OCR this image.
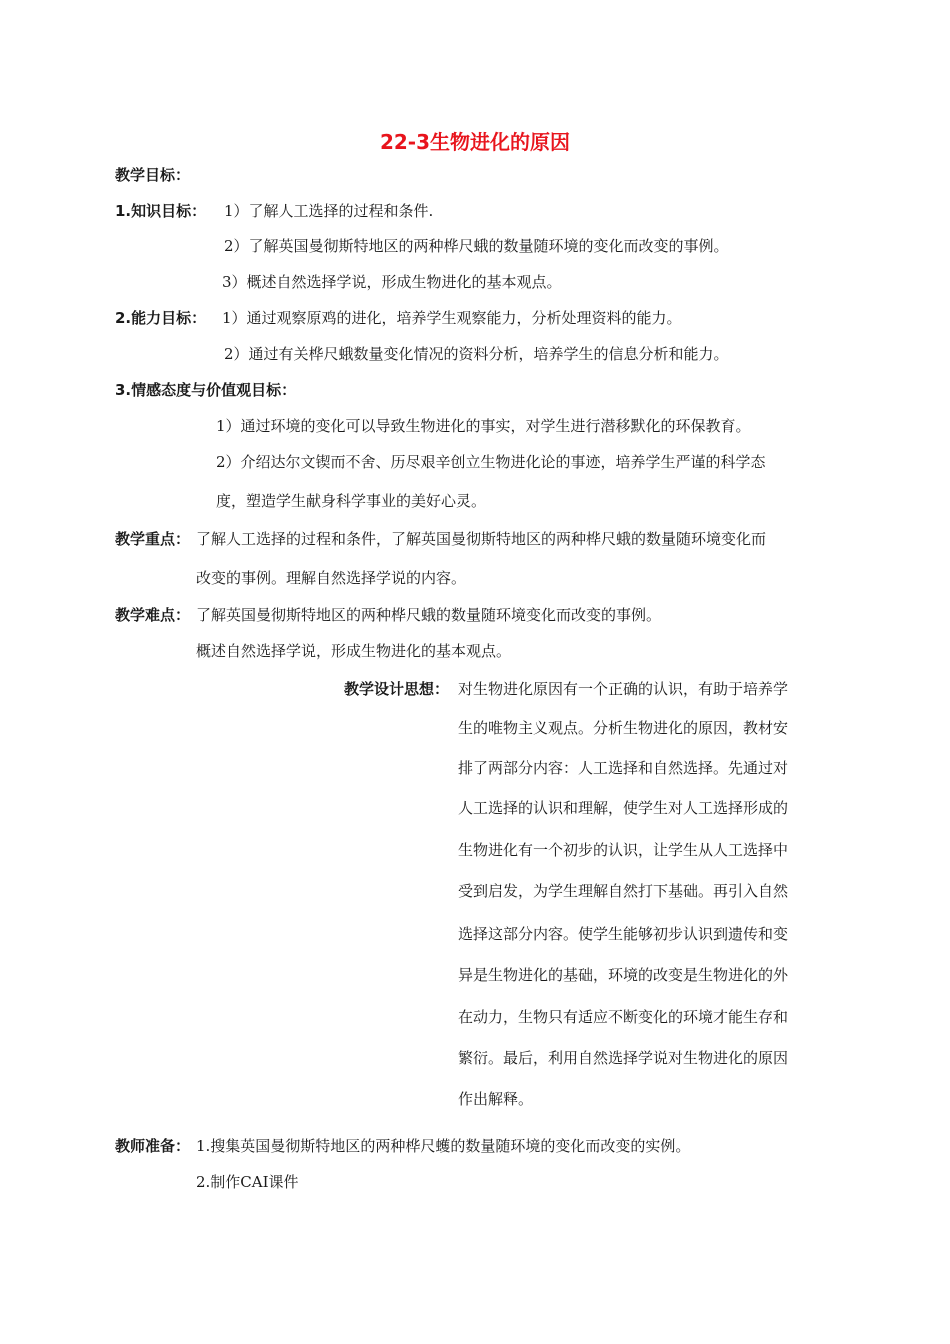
22-3生物进化的原因
教学目标：
1.知识目标： 1）了解人工选择的过程和条件.
2）了解英国曼彻斯特地区的两种桦尺蛾的数量随环境的变化而改变的事例。
3）概述自然选择学说，形成生物进化的基本观点。
2.能力目标： 1）通过观察原鸡的进化，培养学生观察能力，分析处理资料的能力。
2）通过有关桦尺蛾数量变化情况的资料分析，培养学生的信息分析和能力。
3.情感态度与价值观目标：
1）通过环境的变化可以导致生物进化的事实，对学生进行潜移默化的环保教育。
2）介绍达尔文锲而不舍、历尽艰辛创立生物进化论的事迹，培养学生严谨的科学态
度，塑造学生献身科学事业的美好心灵。
教学重点： 了解人工选择的过程和条件，了解英国曼彻斯特地区的两种桦尺蛾的数量随环境变化而
改变的事例。理解自然选择学说的内容。
教学难点： 了解英国曼彻斯特地区的两种桦尺蛾的数量随环境变化而改变的事例。
概述自然选择学说，形成生物进化的基本观点。
教学设计思想： 对生物进化原因有一个正确的认识，有助于培养学
生的唯物主义观点。分析生物进化的原因，教材安
排了两部分内容：人工选择和自然选择。先通过对
人工选择的认识和理解，使学生对人工选择形成的
生物进化有一个初步的认识，让学生从人工选择中
受到启发，为学生理解自然打下基础。再引入自然
选择这部分内容。使学生能够初步认识到遗传和变
异是生物进化的基础，环境的改变是生物进化的外
在动力，生物只有适应不断变化的环境才能生存和
繁衍。最后，利用自然选择学说对生物进化的原因
作出解释。
教师准备： 1.搜集英国曼彻斯特地区的两种桦尺蠖的数量随环境的变化而改变的实例。
2.制作CAI课件
